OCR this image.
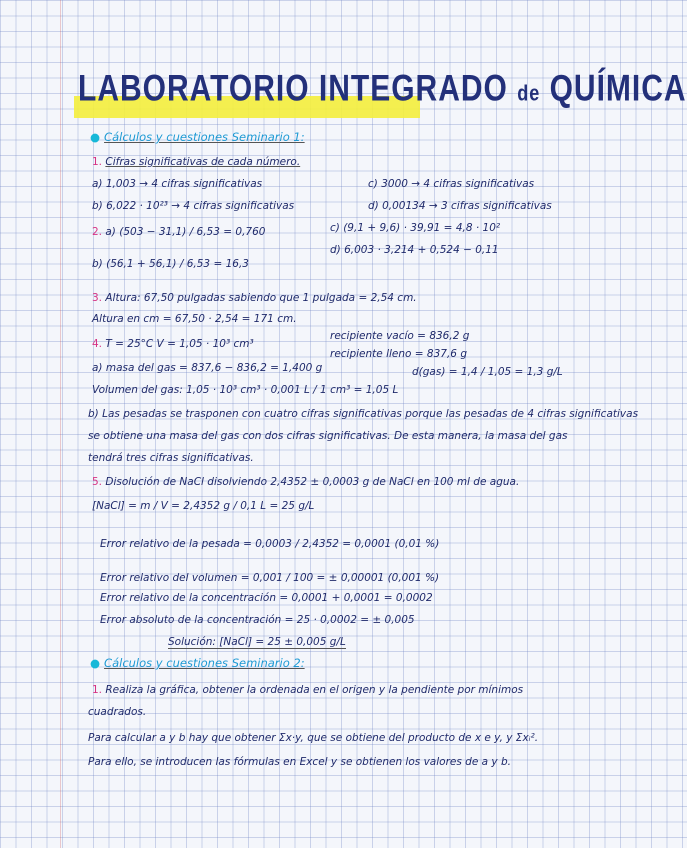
LABORATORIO INTEGRADO de QUÍMICA
● Cálculos y cuestiones Seminario 1:
1. Cifras significativas de cada número.
a) 1,003 → 4 cifras significativas	c) 3000 → 4 cifras significativas
b) 6,022 · 10²³ → 4 cifras significativas	d) 0,00134 → 3 cifras significativas
2. a) (503 − 31,1) / 6,53 = 0,760	c) (9,1 + 9,6) · 39,91 = 4,8 · 10²
d) 6,003 · 3,214 + 0,524 − 0,11
b) (56,1 + 56,1) / 6,53 = 16,3
3. Altura: 67,50 pulgadas sabiendo que 1 pulgada = 2,54 cm.
Altura en cm = 67,50 · 2,54 = 171 cm.
4. T = 25°C V = 1,05 · 10³ cm³
recipiente vacío = 836,2 g
recipiente lleno = 837,6 g
a) masa del gas = 837,6 − 836,2 = 1,400 g
Volumen del gas: 1,05 · 10³ cm³ · 0,001 L / 1 cm³ = 1,05 L
d(gas) = 1,4 / 1,05 = 1,3 g/L
b) Las pesadas se trasponen con cuatro cifras significativas porque las pesadas de 4 cifras significativas
se obtiene una masa del gas con dos cifras significativas. De esta manera, la masa del gas
tendrá tres cifras significativas.
5. Disolución de NaCl disolviendo 2,4352 ± 0,0003 g de NaCl en 100 ml de agua.
[NaCl] = m / V = 2,4352 g / 0,1 L = 25 g/L
Error relativo de la pesada = 0,0003 / 2,4352 = 0,0001 (0,01 %)
Error relativo del volumen = 0,001 / 100 = ± 0,00001 (0,001 %)
Error relativo de la concentración = 0,0001 + 0,0001 = 0,0002
Error absoluto de la concentración = 25 · 0,0002 = ± 0,005
Solución: [NaCl] = 25 ± 0,005 g/L
● Cálculos y cuestiones Seminario 2:
1. Realiza la gráfica, obtener la ordenada en el origen y la pendiente por mínimos
cuadrados.
Para calcular a y b hay que obtener Σx·y, que se obtiene del producto de x e y, y Σxᵢ².
Para ello, se introducen las fórmulas en Excel y se obtienen los valores de a y b.
